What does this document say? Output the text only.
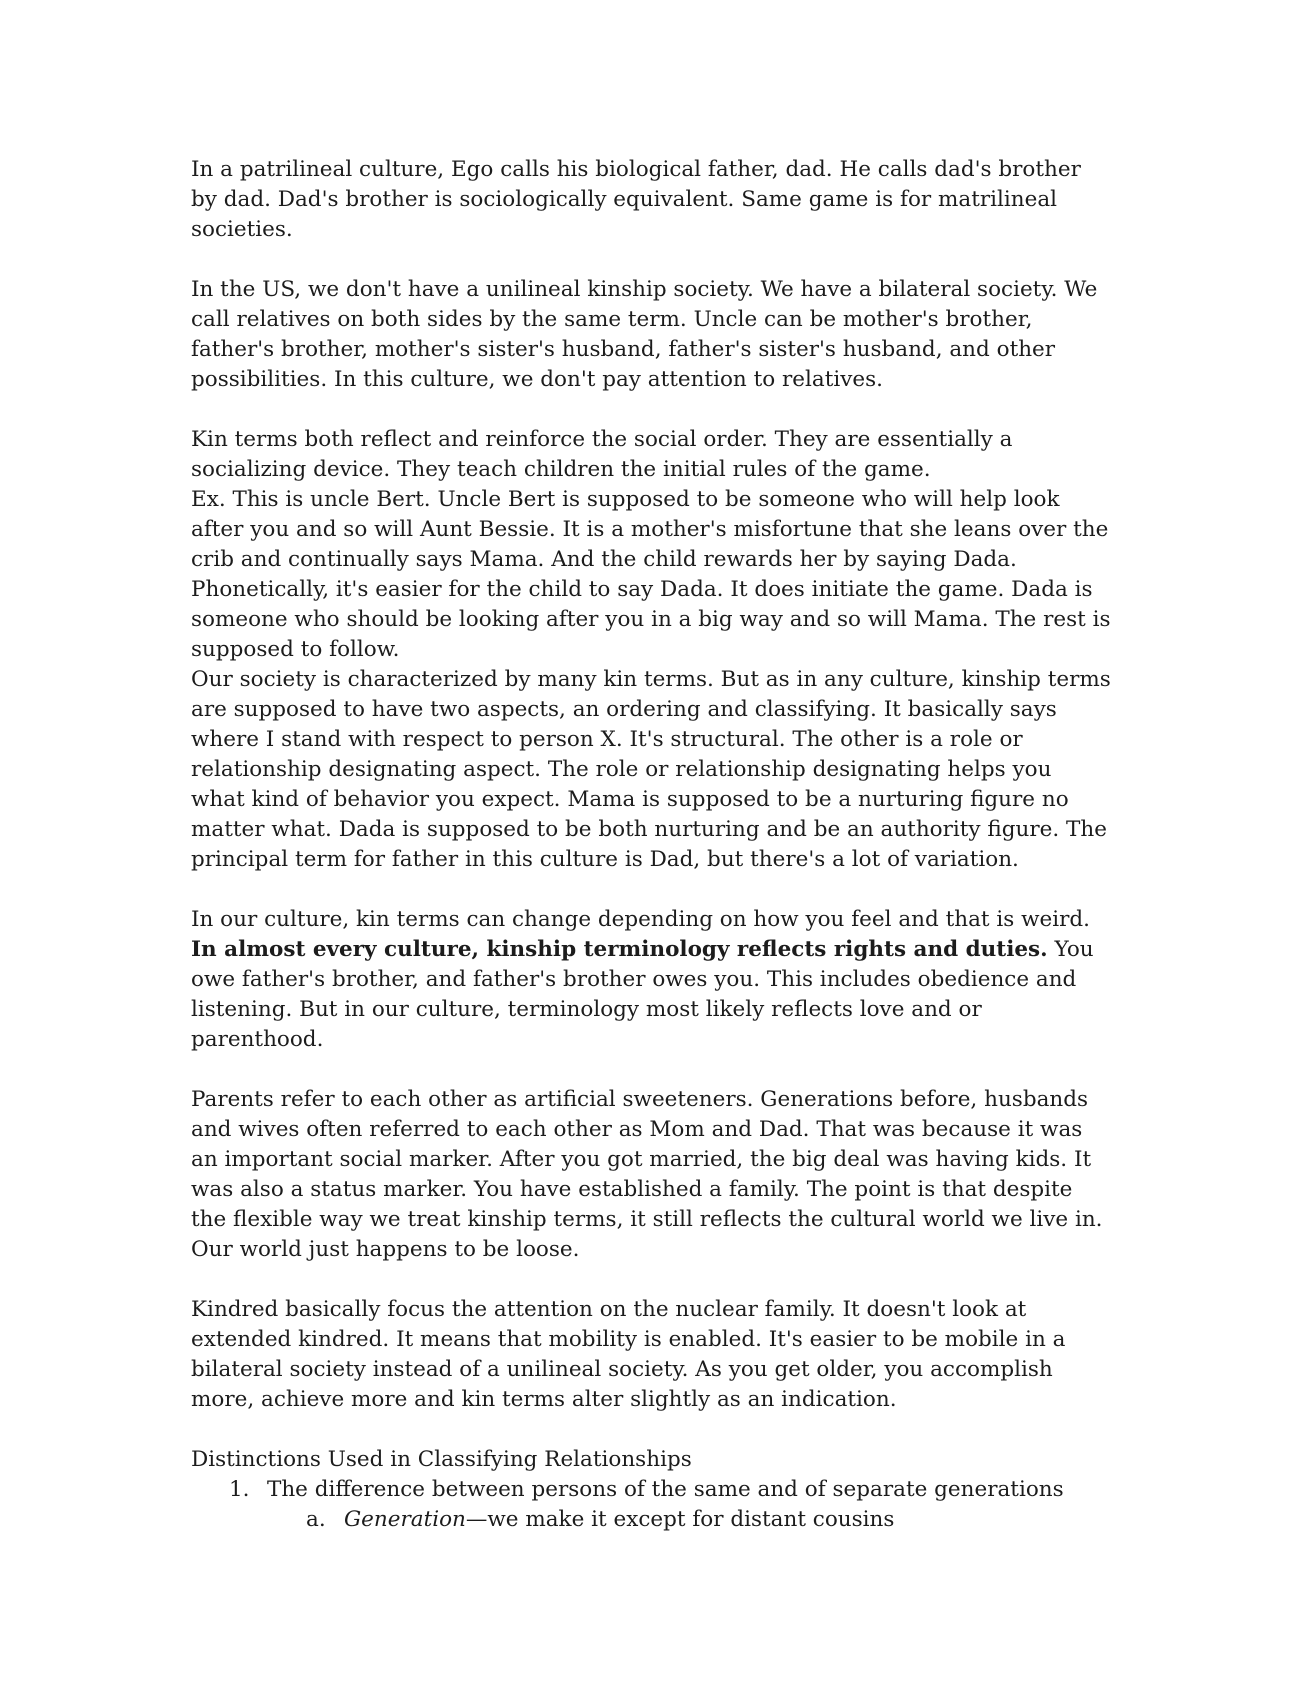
In a patrilineal culture, Ego calls his biological father, dad. He calls dad's brother by dad. Dad's brother is sociologically equivalent. Same game is for matrilineal societies.

In the US, we don't have a unilineal kinship society. We have a bilateral society. We call relatives on both sides by the same term. Uncle can be mother's brother, father's brother, mother's sister's husband, father's sister's husband, and other possibilities. In this culture, we don't pay attention to relatives.

Kin terms both reflect and reinforce the social order. They are essentially a socializing device. They teach children the initial rules of the game.

Ex. This is uncle Bert. Uncle Bert is supposed to be someone who will help look after you and so will Aunt Bessie. It is a mother's misfortune that she leans over the crib and continually says Mama. And the child rewards her by saying Dada. Phonetically, it's easier for the child to say Dada. It does initiate the game. Dada is someone who should be looking after you in a big way and so will Mama. The rest is supposed to follow.

Our society is characterized by many kin terms. But as in any culture, kinship terms are supposed to have two aspects, an ordering and classifying. It basically says where I stand with respect to person X. It's structural. The other is a role or relationship designating aspect. The role or relationship designating helps you what kind of behavior you expect. Mama is supposed to be a nurturing figure no matter what. Dada is supposed to be both nurturing and be an authority figure. The principal term for father in this culture is Dad, but there's a lot of variation.

In our culture, kin terms can change depending on how you feel and that is weird. In almost every culture, kinship terminology reflects rights and duties. You owe father's brother, and father's brother owes you. This includes obedience and listening. But in our culture, terminology most likely reflects love and or parenthood.

Parents refer to each other as artificial sweeteners. Generations before, husbands and wives often referred to each other as Mom and Dad. That was because it was an important social marker. After you got married, the big deal was having kids. It was also a status marker. You have established a family. The point is that despite the flexible way we treat kinship terms, it still reflects the cultural world we live in. Our world just happens to be loose.

Kindred basically focus the attention on the nuclear family. It doesn't look at extended kindred. It means that mobility is enabled. It's easier to be mobile in a bilateral society instead of a unilineal society. As you get older, you accomplish more, achieve more and kin terms alter slightly as an indication.

Distinctions Used in Classifying Relationships

1. The difference between persons of the same and of separate generations
a. Generation—we make it except for distant cousins
